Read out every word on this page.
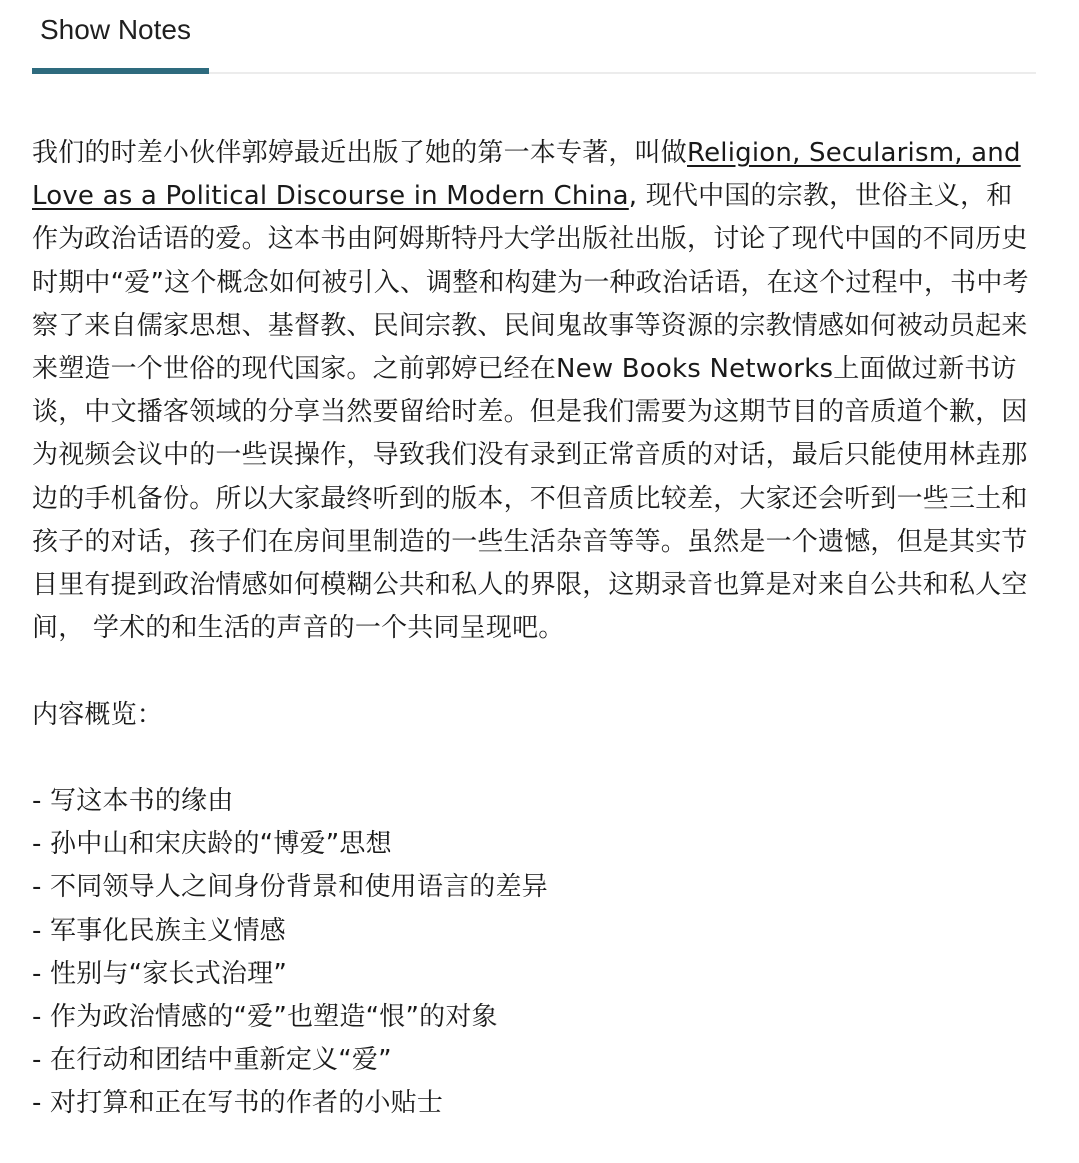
Show Notes

我们的时差小伙伴郭婷最近出版了她的第一本专著，叫做Religion, Secularism, and Love as a Political Discourse in Modern China, 现代中国的宗教，世俗主义，和作为政治话语的爱。这本书由阿姆斯特丹大学出版社出版，讨论了现代中国的不同历史时期中“爱”这个概念如何被引入、调整和构建为一种政治话语，在这个过程中，书中考察了来自儒家思想、基督教、民间宗教、民间鬼故事等资源的宗教情感如何被动员起来来塑造一个世俗的现代国家。之前郭婷已经在New Books Networks上面做过新书访谈，中文播客领域的分享当然要留给时差。但是我们需要为这期节目的音质道个歉，因为视频会议中的一些误操作，导致我们没有录到正常音质的对话，最后只能使用林垚那边的手机备份。所以大家最终听到的版本，不但音质比较差，大家还会听到一些三土和孩子的对话，孩子们在房间里制造的一些生活杂音等等。虽然是一个遗憾，但是其实节目里有提到政治情感如何模糊公共和私人的界限，这期录音也算是对来自公共和私人空间， 学术的和生活的声音的一个共同呈现吧。

内容概览：

- 写这本书的缘由
- 孙中山和宋庆龄的“博爱”思想
- 不同领导人之间身份背景和使用语言的差异
- 军事化民族主义情感
- 性别与“家长式治理”
- 作为政治情感的“爱”也塑造“恨”的对象
- 在行动和团结中重新定义“爱”
- 对打算和正在写书的作者的小贴士
